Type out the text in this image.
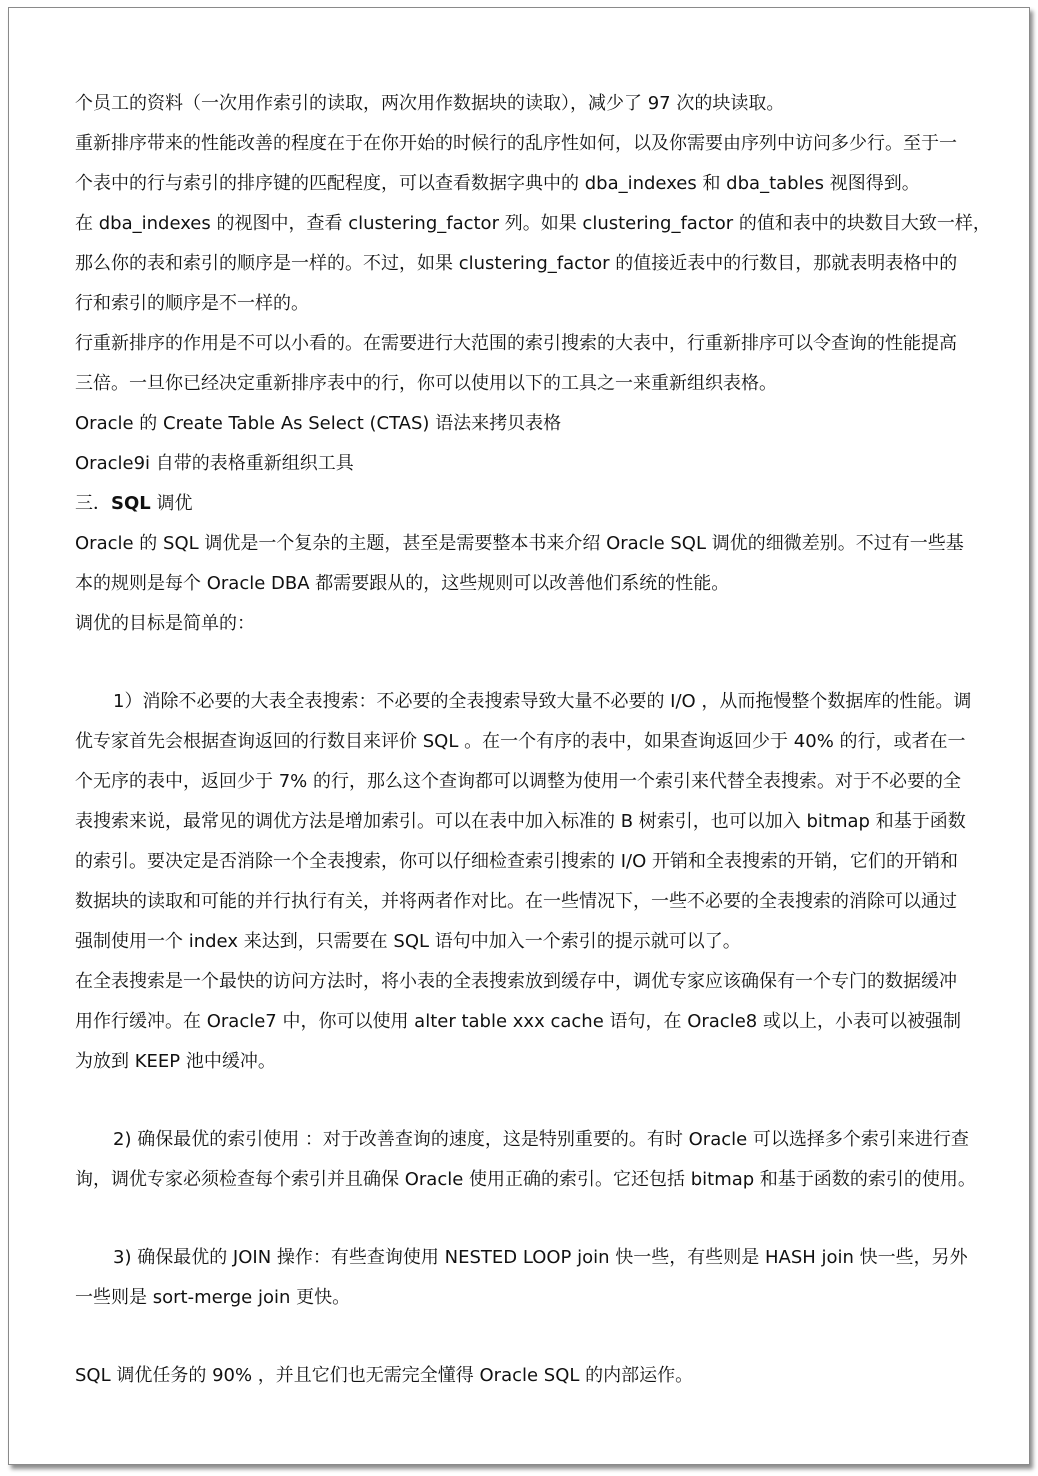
个员工的资料（一次用作索引的读取，两次用作数据块的读取），减少了 97 次的块读取。
重新排序带来的性能改善的程度在于在你开始的时候行的乱序性如何，以及你需要由序列中访问多少行。至于一
个表中的行与索引的排序键的匹配程度，可以查看数据字典中的 dba_indexes 和 dba_tables 视图得到。
在 dba_indexes 的视图中，查看 clustering_factor 列。如果 clustering_factor 的值和表中的块数目大致一样，
那么你的表和索引的顺序是一样的。不过，如果 clustering_factor 的值接近表中的行数目，那就表明表格中的
行和索引的顺序是不一样的。
行重新排序的作用是不可以小看的。在需要进行大范围的索引搜索的大表中，行重新排序可以令查询的性能提高
三倍。一旦你已经决定重新排序表中的行，你可以使用以下的工具之一来重新组织表格。
Oracle 的 Create Table As Select (CTAS) 语法来拷贝表格
Oracle9i 自带的表格重新组织工具
三．SQL 调优
Oracle 的 SQL 调优是一个复杂的主题，甚至是需要整本书来介绍 Oracle SQL 调优的细微差别。不过有一些基
本的规则是每个 Oracle DBA 都需要跟从的，这些规则可以改善他们系统的性能。
调优的目标是简单的：
1）消除不必要的大表全表搜索：不必要的全表搜索导致大量不必要的 I/O ，从而拖慢整个数据库的性能。调
优专家首先会根据查询返回的行数目来评价 SQL 。在一个有序的表中，如果查询返回少于 40% 的行，或者在一
个无序的表中，返回少于 7% 的行，那么这个查询都可以调整为使用一个索引来代替全表搜索。对于不必要的全
表搜索来说，最常见的调优方法是增加索引。可以在表中加入标准的 B 树索引，也可以加入 bitmap 和基于函数
的索引。要决定是否消除一个全表搜索，你可以仔细检查索引搜索的 I/O 开销和全表搜索的开销，它们的开销和
数据块的读取和可能的并行执行有关，并将两者作对比。在一些情况下，一些不必要的全表搜索的消除可以通过
强制使用一个 index 来达到，只需要在 SQL 语句中加入一个索引的提示就可以了。
在全表搜索是一个最快的访问方法时，将小表的全表搜索放到缓存中，调优专家应该确保有一个专门的数据缓冲
用作行缓冲。在 Oracle7 中，你可以使用 alter table xxx cache 语句，在 Oracle8 或以上，小表可以被强制
为放到 KEEP 池中缓冲。
2) 确保最优的索引使用 ：对于改善查询的速度，这是特别重要的。有时 Oracle 可以选择多个索引来进行查
询，调优专家必须检查每个索引并且确保 Oracle 使用正确的索引。它还包括 bitmap 和基于函数的索引的使用。
3) 确保最优的 JOIN 操作：有些查询使用 NESTED LOOP join 快一些，有些则是 HASH join 快一些，另外
一些则是 sort-merge join 更快。
SQL 调优任务的 90% ，并且它们也无需完全懂得 Oracle SQL 的内部运作。
